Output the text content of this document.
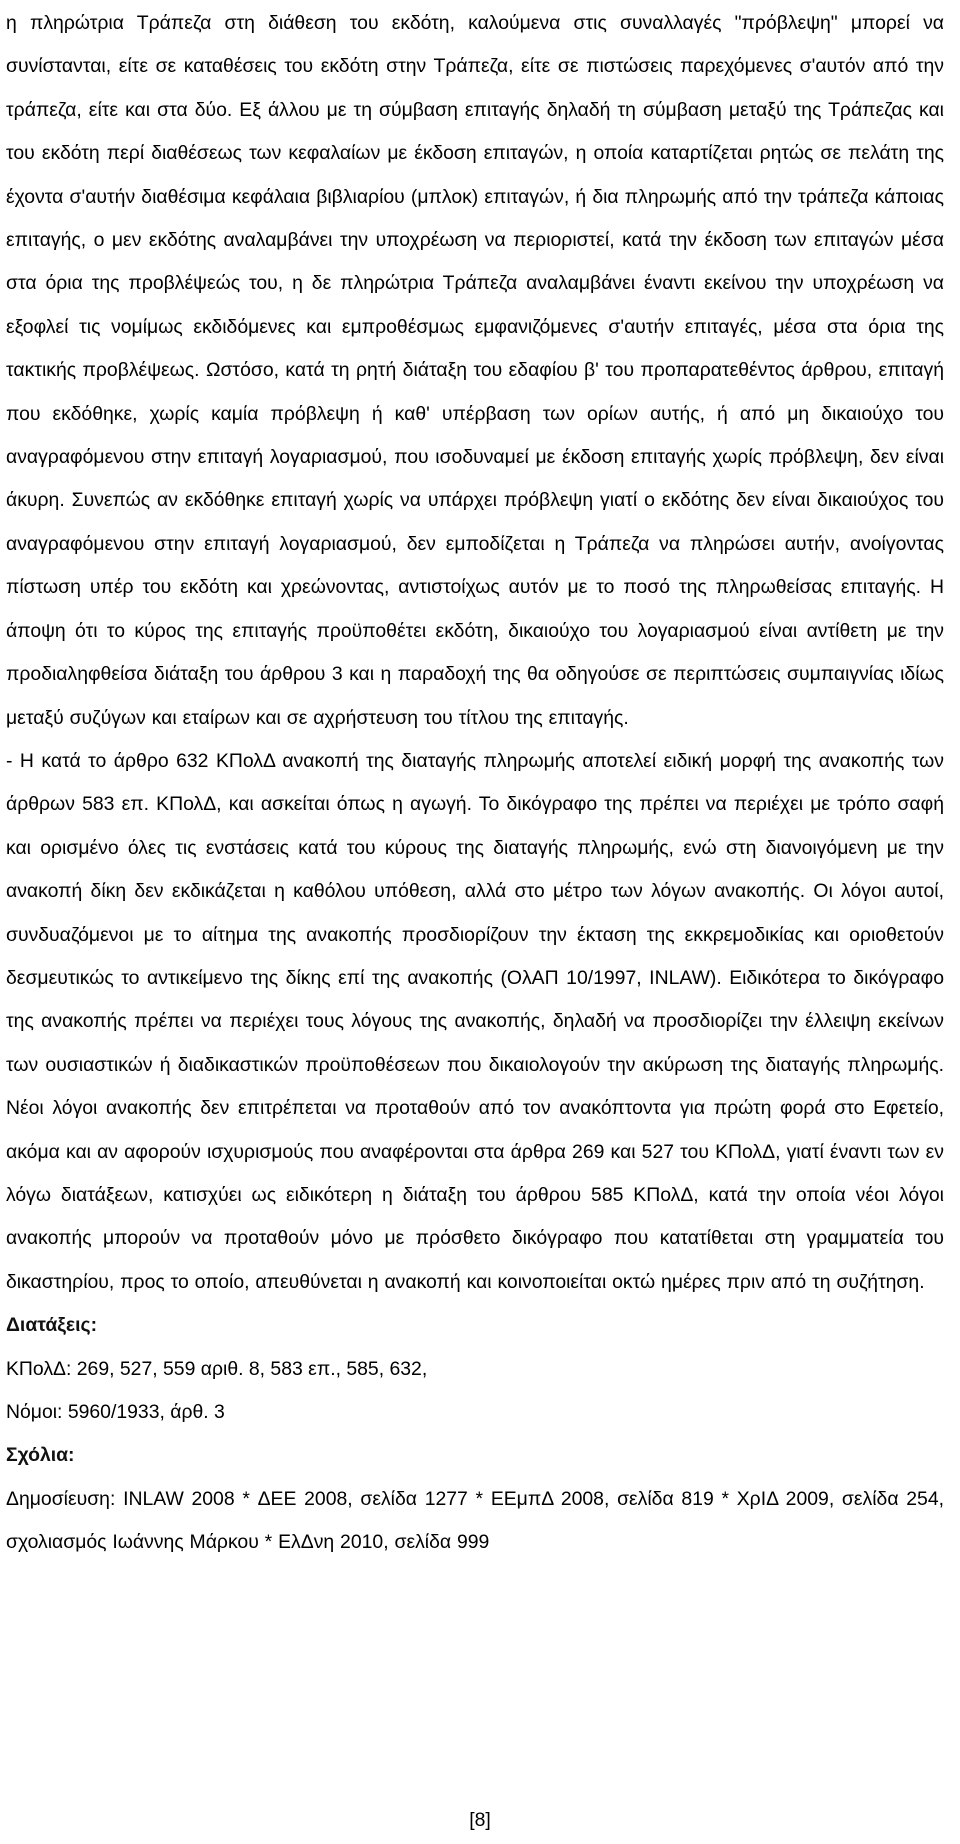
η πληρώτρια Τράπεζα στη διάθεση του εκδότη, καλούμενα στις συναλλαγές "πρόβλεψη" μπορεί να συνίστανται, είτε σε καταθέσεις του εκδότη στην Τράπεζα, είτε σε πιστώσεις παρεχόμενες σ'αυτόν από την τράπεζα, είτε και στα δύο. Εξ άλλου με τη σύμβαση επιταγής δηλαδή τη σύμβαση μεταξύ της Τράπεζας και του εκδότη περί διαθέσεως των κεφαλαίων με έκδοση επιταγών, η οποία καταρτίζεται ρητώς σε πελάτη της έχοντα σ'αυτήν διαθέσιμα κεφάλαια βιβλιαρίου (μπλοκ) επιταγών, ή δια πληρωμής από την τράπεζα κάποιας επιταγής, ο μεν εκδότης αναλαμβάνει την υποχρέωση να περιοριστεί, κατά την έκδοση των επιταγών μέσα στα όρια της προβλέψεώς του, η δε πληρώτρια Τράπεζα αναλαμβάνει έναντι εκείνου την υποχρέωση να εξοφλεί τις νομίμως εκδιδόμενες και εμπροθέσμως εμφανιζόμενες σ'αυτήν επιταγές, μέσα στα όρια της τακτικής προβλέψεως. Ωστόσο, κατά τη ρητή διάταξη του εδαφίου β' του προπαρατεθέντος άρθρου, επιταγή που εκδόθηκε, χωρίς καμία πρόβλεψη ή καθ' υπέρβαση των ορίων αυτής, ή από μη δικαιούχο του αναγραφόμενου στην επιταγή λογαριασμού, που ισοδυναμεί με έκδοση επιταγής χωρίς πρόβλεψη, δεν είναι άκυρη. Συνεπώς αν εκδόθηκε επιταγή χωρίς να υπάρχει πρόβλεψη γιατί ο εκδότης δεν είναι δικαιούχος του αναγραφόμενου στην επιταγή λογαριασμού, δεν εμποδίζεται η Τράπεζα να πληρώσει αυτήν, ανοίγοντας πίστωση υπέρ του εκδότη και χρεώνοντας, αντιστοίχως αυτόν με το ποσό της πληρωθείσας επιταγής. Η άποψη ότι το κύρος της επιταγής προϋποθέτει εκδότη, δικαιούχο του λογαριασμού είναι αντίθετη με την προδιαληφθείσα διάταξη του άρθρου 3 και η παραδοχή της θα οδηγούσε σε περιπτώσεις συμπαιγνίας ιδίως μεταξύ συζύγων και εταίρων και σε αχρήστευση του τίτλου της επιταγής.

- Η κατά το άρθρο 632 ΚΠολΔ ανακοπή της διαταγής πληρωμής αποτελεί ειδική μορφή της ανακοπής των άρθρων 583 επ. ΚΠολΔ, και ασκείται όπως η αγωγή. Το δικόγραφο της πρέπει να περιέχει με τρόπο σαφή και ορισμένο όλες τις ενστάσεις κατά του κύρους της διαταγής πληρωμής, ενώ στη διανοιγόμενη με την ανακοπή δίκη δεν εκδικάζεται η καθόλου υπόθεση, αλλά στο μέτρο των λόγων ανακοπής. Οι λόγοι αυτοί, συνδυαζόμενοι με το αίτημα της ανακοπής προσδιορίζουν την έκταση της εκκρεμοδικίας και οριοθετούν δεσμευτικώς το αντικείμενο της δίκης επί της ανακοπής (ΟλΑΠ 10/1997, INLAW). Ειδικότερα το δικόγραφο της ανακοπής πρέπει να περιέχει τους λόγους της ανακοπής, δηλαδή να προσδιορίζει την έλλειψη εκείνων των ουσιαστικών ή διαδικαστικών προϋποθέσεων που δικαιολογούν την ακύρωση της διαταγής πληρωμής. Νέοι λόγοι ανακοπής δεν επιτρέπεται να προταθούν από τον ανακόπτοντα για πρώτη φορά στο Εφετείο, ακόμα και αν αφορούν ισχυρισμούς που αναφέρονται στα άρθρα 269 και 527 του ΚΠολΔ, γιατί έναντι των εν λόγω διατάξεων, κατισχύει ως ειδικότερη η διάταξη του άρθρου 585 ΚΠολΔ, κατά την οποία νέοι λόγοι ανακοπής μπορούν να προταθούν μόνο με πρόσθετο δικόγραφο που κατατίθεται στη γραμματεία του δικαστηρίου, προς το οποίο, απευθύνεται η ανακοπή και κοινοποιείται οκτώ ημέρες πριν από τη συζήτηση.

Διατάξεις:

ΚΠολΔ: 269, 527, 559 αριθ. 8, 583 επ., 585, 632,

Νόμοι: 5960/1933, άρθ. 3

Σχόλια:

Δημοσίευση: INLAW 2008 * ΔΕΕ 2008, σελίδα 1277 * ΕΕμπΔ 2008, σελίδα 819 * ΧρΙΔ 2009, σελίδα 254, σχολιασμός Ιωάννης Μάρκου * ΕλΔνη 2010, σελίδα 999

[8]
